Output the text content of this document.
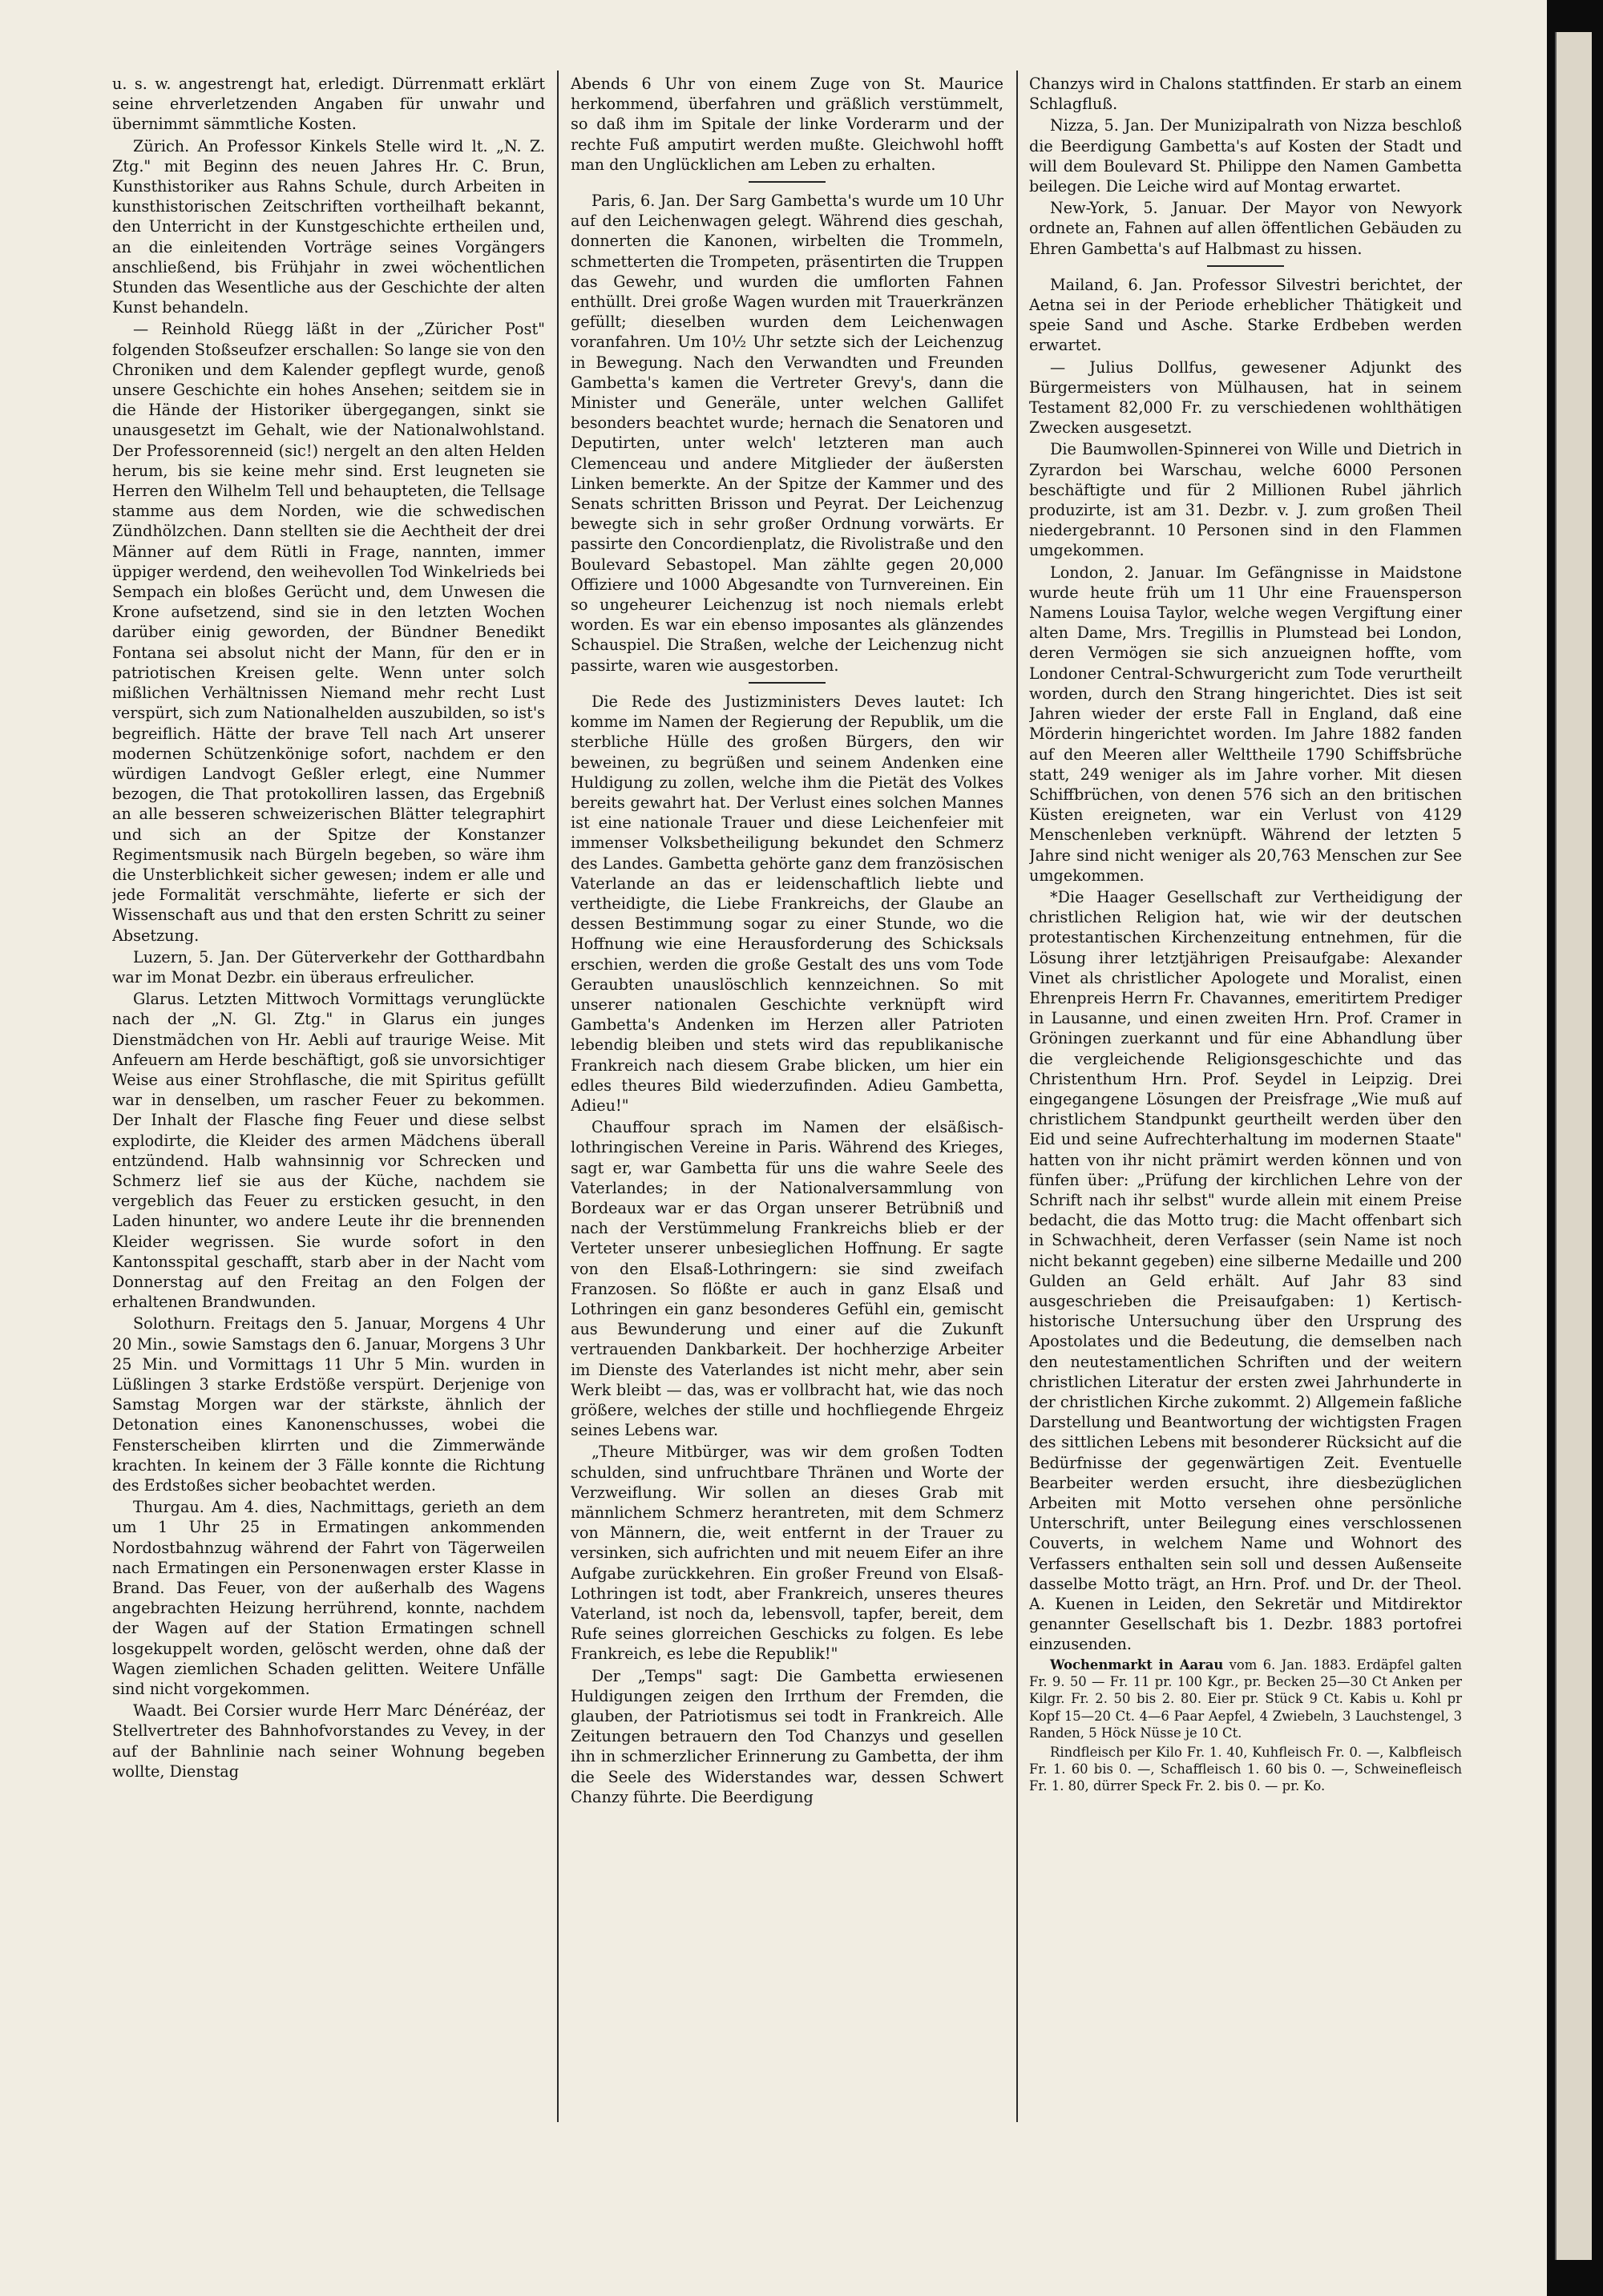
u. s. w. angestrengt hat, erledigt. Dürrenmatt erklärt seine ehrverletzenden Angaben für unwahr und übernimmt sämmtliche Kosten.

Zürich. An Professor Kinkels Stelle wird lt. „N. Z. Ztg." mit Beginn des neuen Jahres Hr. C. Brun, Kunsthistoriker aus Rahns Schule, durch Arbeiten in kunsthistorischen Zeitschriften vortheilhaft bekannt, den Unterricht in der Kunstgeschichte ertheilen und, an die einleitenden Vorträge seines Vorgängers anschließend, bis Frühjahr in zwei wöchentlichen Stunden das Wesentliche aus der Geschichte der alten Kunst behandeln.

— Reinhold Rüegg läßt in der „Züricher Post" folgenden Stoßseufzer erschallen: So lange sie von den Chroniken und dem Kalender gepflegt wurde, genoß unsere Geschichte ein hohes Ansehen; seitdem sie in die Hände der Historiker übergegangen, sinkt sie unausgesetzt im Gehalt, wie der Nationalwohlstand. Der Professorenneid (sic!) nergelt an den alten Helden herum, bis sie keine mehr sind. Erst leugneten sie Herren den Wilhelm Tell und behaupteten, die Tellsage stamme aus dem Norden, wie die schwedischen Zündhölzchen. Dann stellten sie die Aechtheit der drei Männer auf dem Rütli in Frage, nannten, immer üppiger werdend, den weihevollen Tod Winkelrieds bei Sempach ein bloßes Gerücht und, dem Unwesen die Krone aufsetzend, sind sie in den letzten Wochen darüber einig geworden, der Bündner Benedikt Fontana sei absolut nicht der Mann, für den er in patriotischen Kreisen gelte. Wenn unter solch mißlichen Verhältnissen Niemand mehr recht Lust verspürt, sich zum Nationalhelden auszubilden, so ist's begreiflich. Hätte der brave Tell nach Art unserer modernen Schützenkönige sofort, nachdem er den würdigen Landvogt Geßler erlegt, eine Nummer bezogen, die That protokolliren lassen, das Ergebniß an alle besseren schweizerischen Blätter telegraphirt und sich an der Spitze der Konstanzer Regimentsmusik nach Bürgeln begeben, so wäre ihm die Unsterblichkeit sicher gewesen; indem er alle und jede Formalität verschmähte, lieferte er sich der Wissenschaft aus und that den ersten Schritt zu seiner Absetzung.

Luzern, 5. Jan. Der Güterverkehr der Gotthardbahn war im Monat Dezbr. ein überaus erfreulicher.

Glarus. Letzten Mittwoch Vormittags verunglückte nach der „N. Gl. Ztg." in Glarus ein junges Dienstmädchen von Hr. Aebli auf traurige Weise. Mit Anfeuern am Herde beschäftigt, goß sie unvorsichtiger Weise aus einer Strohflasche, die mit Spiritus gefüllt war in denselben, um rascher Feuer zu bekommen. Der Inhalt der Flasche fing Feuer und diese selbst explodirte, die Kleider des armen Mädchens überall entzündend. Halb wahnsinnig vor Schrecken und Schmerz lief sie aus der Küche, nachdem sie vergeblich das Feuer zu ersticken gesucht, in den Laden hinunter, wo andere Leute ihr die brennenden Kleider wegrissen. Sie wurde sofort in den Kantonsspital geschafft, starb aber in der Nacht vom Donnerstag auf den Freitag an den Folgen der erhaltenen Brandwunden.

Solothurn. Freitags den 5. Januar, Morgens 4 Uhr 20 Min., sowie Samstags den 6. Januar, Morgens 3 Uhr 25 Min. und Vormittags 11 Uhr 5 Min. wurden in Lüßlingen 3 starke Erdstöße verspürt. Derjenige von Samstag Morgen war der stärkste, ähnlich der Detonation eines Kanonenschusses, wobei die Fensterscheiben klirrten und die Zimmerwände krachten. In keinem der 3 Fälle konnte die Richtung des Erdstoßes sicher beobachtet werden.

Thurgau. Am 4. dies, Nachmittags, gerieth an dem um 1 Uhr 25 in Ermatingen ankommenden Nordostbahnzug während der Fahrt von Tägerweilen nach Ermatingen ein Personenwagen erster Klasse in Brand. Das Feuer, von der außerhalb des Wagens angebrachten Heizung herrührend, konnte, nachdem der Wagen auf der Station Ermatingen schnell losgekuppelt worden, gelöscht werden, ohne daß der Wagen ziemlichen Schaden gelitten. Weitere Unfälle sind nicht vorgekommen.

Waadt. Bei Corsier wurde Herr Marc Dénéréaz, der Stellvertreter des Bahnhofvorstandes zu Vevey, in der auf der Bahnlinie nach seiner Wohnung begeben wollte, Dienstag

Abends 6 Uhr von einem Zuge von St. Maurice herkommend, überfahren und gräßlich verstümmelt, so daß ihm im Spitale der linke Vorderarm und der rechte Fuß amputirt werden mußte. Gleichwohl hofft man den Unglücklichen am Leben zu erhalten.

Paris, 6. Jan. Der Sarg Gambetta's wurde um 10 Uhr auf den Leichenwagen gelegt. Während dies geschah, donnerten die Kanonen, wirbelten die Trommeln, schmetterten die Trompeten, präsentirten die Truppen das Gewehr, und wurden die umflorten Fahnen enthüllt. Drei große Wagen wurden mit Trauerkränzen gefüllt; dieselben wurden dem Leichenwagen voranfahren. Um 10½ Uhr setzte sich der Leichenzug in Bewegung. Nach den Verwandten und Freunden Gambetta's kamen die Vertreter Grevy's, dann die Minister und Generäle, unter welchen Gallifet besonders beachtet wurde; hernach die Senatoren und Deputirten, unter welch' letzteren man auch Clemenceau und andere Mitglieder der äußersten Linken bemerkte. An der Spitze der Kammer und des Senats schritten Brisson und Peyrat. Der Leichenzug bewegte sich in sehr großer Ordnung vorwärts. Er passirte den Concordienplatz, die Rivolistraße und den Boulevard Sebastopel. Man zählte gegen 20,000 Offiziere und 1000 Abgesandte von Turnvereinen. Ein so ungeheurer Leichenzug ist noch niemals erlebt worden. Es war ein ebenso imposantes als glänzendes Schauspiel. Die Straßen, welche der Leichenzug nicht passirte, waren wie ausgestorben.

Die Rede des Justizministers Deves lautet: Ich komme im Namen der Regierung der Republik, um die sterbliche Hülle des großen Bürgers, den wir beweinen, zu begrüßen und seinem Andenken eine Huldigung zu zollen, welche ihm die Pietät des Volkes bereits gewahrt hat. Der Verlust eines solchen Mannes ist eine nationale Trauer und diese Leichenfeier mit immenser Volksbetheiligung bekundet den Schmerz des Landes. Gambetta gehörte ganz dem französischen Vaterlande an das er leidenschaftlich liebte und vertheidigte, die Liebe Frankreichs, der Glaube an dessen Bestimmung sogar zu einer Stunde, wo die Hoffnung wie eine Herausforderung des Schicksals erschien, werden die große Gestalt des uns vom Tode Geraubten unauslöschlich kennzeichnen. So mit unserer nationalen Geschichte verknüpft wird Gambetta's Andenken im Herzen aller Patrioten lebendig bleiben und stets wird das republikanische Frankreich nach diesem Grabe blicken, um hier ein edles theures Bild wiederzufinden. Adieu Gambetta, Adieu!"

Chauffour sprach im Namen der elsäßisch-lothringischen Vereine in Paris. Während des Krieges, sagt er, war Gambetta für uns die wahre Seele des Vaterlandes; in der Nationalversammlung von Bordeaux war er das Organ unserer Betrübniß und nach der Verstümmelung Frankreichs blieb er der Verteter unserer unbesieglichen Hoffnung. Er sagte von den Elsaß-Lothringern: sie sind zweifach Franzosen. So flößte er auch in ganz Elsaß und Lothringen ein ganz besonderes Gefühl ein, gemischt aus Bewunderung und einer auf die Zukunft vertrauenden Dankbarkeit. Der hochherzige Arbeiter im Dienste des Vaterlandes ist nicht mehr, aber sein Werk bleibt — das, was er vollbracht hat, wie das noch größere, welches der stille und hochfliegende Ehrgeiz seines Lebens war.

„Theure Mitbürger, was wir dem großen Todten schulden, sind unfruchtbare Thränen und Worte der Verzweiflung. Wir sollen an dieses Grab mit männlichem Schmerz herantreten, mit dem Schmerz von Männern, die, weit entfernt in der Trauer zu versinken, sich aufrichten und mit neuem Eifer an ihre Aufgabe zurückkehren. Ein großer Freund von Elsaß-Lothringen ist todt, aber Frankreich, unseres theures Vaterland, ist noch da, lebensvoll, tapfer, bereit, dem Rufe seines glorreichen Geschicks zu folgen. Es lebe Frankreich, es lebe die Republik!"

Der „Temps" sagt: Die Gambetta erwiesenen Huldigungen zeigen den Irrthum der Fremden, die glauben, der Patriotismus sei todt in Frankreich. Alle Zeitungen betrauern den Tod Chanzys und gesellen ihn in schmerzlicher Erinnerung zu Gambetta, der ihm die Seele des Widerstandes war, dessen Schwert Chanzy führte. Die Beerdigung

Chanzys wird in Chalons stattfinden. Er starb an einem Schlagfluß.

Nizza, 5. Jan. Der Munizipalrath von Nizza beschloß die Beerdigung Gambetta's auf Kosten der Stadt und will dem Boulevard St. Philippe den Namen Gambetta beilegen. Die Leiche wird auf Montag erwartet.

New-York, 5. Januar. Der Mayor von Newyork ordnete an, Fahnen auf allen öffentlichen Gebäuden zu Ehren Gambetta's auf Halbmast zu hissen.

Mailand, 6. Jan. Professor Silvestri berichtet, der Aetna sei in der Periode erheblicher Thätigkeit und speie Sand und Asche. Starke Erdbeben werden erwartet.

— Julius Dollfus, gewesener Adjunkt des Bürgermeisters von Mülhausen, hat in seinem Testament 82,000 Fr. zu verschiedenen wohlthätigen Zwecken ausgesetzt.

Die Baumwollen-Spinnerei von Wille und Dietrich in Zyrardon bei Warschau, welche 6000 Personen beschäftigte und für 2 Millionen Rubel jährlich produzirte, ist am 31. Dezbr. v. J. zum großen Theil niedergebrannt. 10 Personen sind in den Flammen umgekommen.

London, 2. Januar. Im Gefängnisse in Maidstone wurde heute früh um 11 Uhr eine Frauensperson Namens Louisa Taylor, welche wegen Vergiftung einer alten Dame, Mrs. Tregillis in Plumstead bei London, deren Vermögen sie sich anzueignen hoffte, vom Londoner Central-Schwurgericht zum Tode verurtheilt worden, durch den Strang hingerichtet. Dies ist seit Jahren wieder der erste Fall in England, daß eine Mörderin hingerichtet worden. Im Jahre 1882 fanden auf den Meeren aller Welttheile 1790 Schiffsbrüche statt, 249 weniger als im Jahre vorher. Mit diesen Schiffbrüchen, von denen 576 sich an den britischen Küsten ereigneten, war ein Verlust von 4129 Menschenleben verknüpft. Während der letzten 5 Jahre sind nicht weniger als 20,763 Menschen zur See umgekommen.

*Die Haager Gesellschaft zur Vertheidigung der christlichen Religion hat, wie wir der deutschen protestantischen Kirchenzeitung entnehmen, für die Lösung ihrer letztjährigen Preisaufgabe: Alexander Vinet als christlicher Apologete und Moralist, einen Ehrenpreis Herrn Fr. Chavannes, emeritirtem Prediger in Lausanne, und einen zweiten Hrn. Prof. Cramer in Gröningen zuerkannt und für eine Abhandlung über die vergleichende Religionsgeschichte und das Christenthum Hrn. Prof. Seydel in Leipzig. Drei eingegangene Lösungen der Preisfrage „Wie muß auf christlichem Standpunkt geurtheilt werden über den Eid und seine Aufrechterhaltung im modernen Staate" hatten von ihr nicht prämirt werden können und von fünfen über: „Prüfung der kirchlichen Lehre von der Schrift nach ihr selbst" wurde allein mit einem Preise bedacht, die das Motto trug: die Macht offenbart sich in Schwachheit, deren Verfasser (sein Name ist noch nicht bekannt gegeben) eine silberne Medaille und 200 Gulden an Geld erhält. Auf Jahr 83 sind ausgeschrieben die Preisaufgaben: 1) Kertisch-historische Untersuchung über den Ursprung des Apostolates und die Bedeutung, die demselben nach den neutestamentlichen Schriften und der weitern christlichen Literatur der ersten zwei Jahrhunderte in der christlichen Kirche zukommt. 2) Allgemein faßliche Darstellung und Beantwortung der wichtigsten Fragen des sittlichen Lebens mit besonderer Rücksicht auf die Bedürfnisse der gegenwärtigen Zeit. Eventuelle Bearbeiter werden ersucht, ihre diesbezüglichen Arbeiten mit Motto versehen ohne persönliche Unterschrift, unter Beilegung eines verschlossenen Couverts, in welchem Name und Wohnort des Verfassers enthalten sein soll und dessen Außenseite dasselbe Motto trägt, an Hrn. Prof. und Dr. der Theol. A. Kuenen in Leiden, den Sekretär und Mitdirektor genannter Gesellschaft bis 1. Dezbr. 1883 portofrei einzusenden.

Wochenmarkt in Aarau vom 6. Jan. 1883. Erdäpfel galten Fr. 9. 50 — Fr. 11 pr. 100 Kgr., pr. Becken 25—30 Ct Anken per Kilgr. Fr. 2. 50 bis 2. 80. Eier pr. Stück 9 Ct. Kabis u. Kohl pr Kopf 15—20 Ct. 4—6 Paar Aepfel, 4 Zwiebeln, 3 Lauchstengel, 3 Randen, 5 Höck Nüsse je 10 Ct.

Rindfleisch per Kilo Fr. 1. 40, Kuhfleisch Fr. 0. —, Kalbfleisch Fr. 1. 60 bis 0. —, Schaffleisch 1. 60 bis 0. —, Schweinefleisch Fr. 1. 80, dürrer Speck Fr. 2. bis 0. — pr. Ko.
